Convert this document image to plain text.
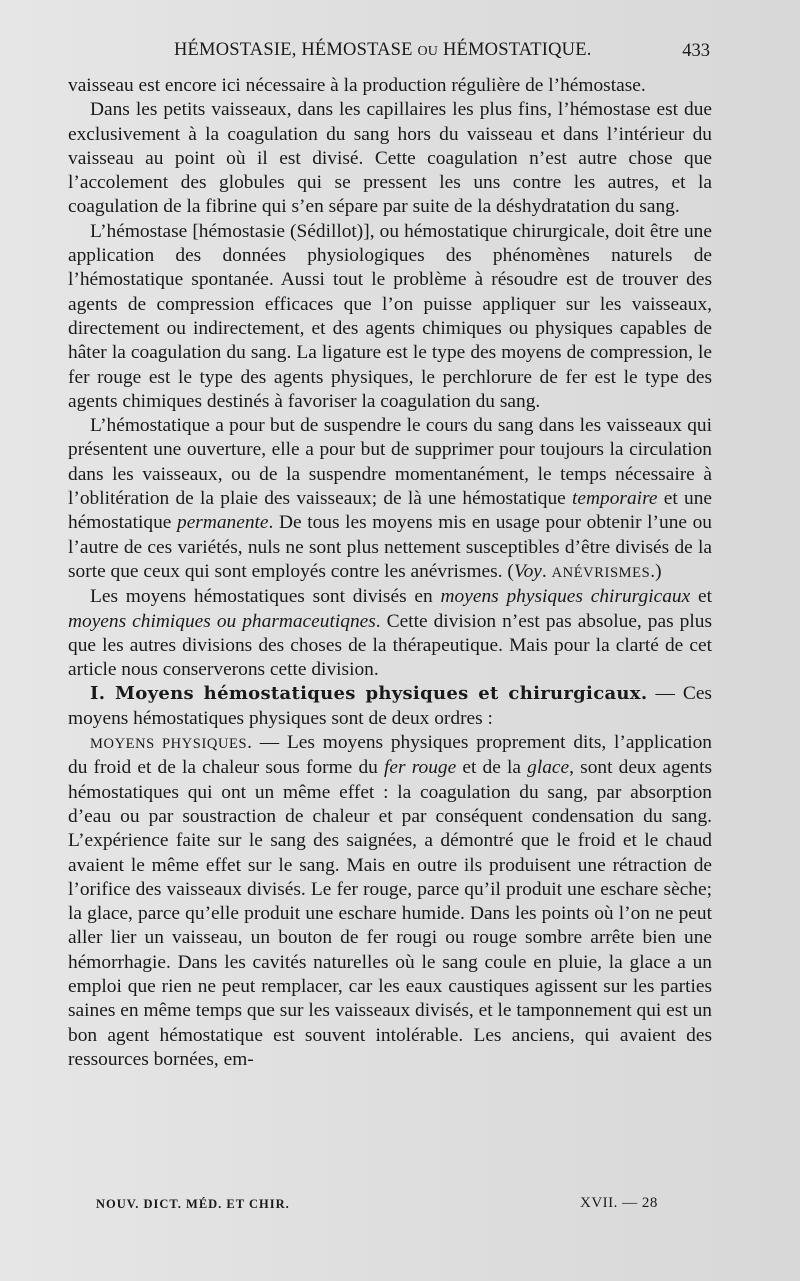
HÉMOSTASIE, HÉMOSTASE OU HÉMOSTATIQUE.	433

vaisseau est encore ici nécessaire à la production régulière de l’hémostase.

Dans les petits vaisseaux, dans les capillaires les plus fins, l’hémostase est due exclusivement à la coagulation du sang hors du vaisseau et dans l’intérieur du vaisseau au point où il est divisé. Cette coagulation n’est autre chose que l’accolement des globules qui se pressent les uns contre les autres, et la coagulation de la fibrine qui s’en sépare par suite de la déshydratation du sang.

L’hémostase [hémostasie (Sédillot)], ou hémostatique chirurgicale, doit être une application des données physiologiques des phénomènes naturels de l’hémostatique spontanée. Aussi tout le problème à résoudre est de trouver des agents de compression efficaces que l’on puisse appliquer sur les vaisseaux, directement ou indirectement, et des agents chimiques ou physiques capables de hâter la coagulation du sang. La ligature est le type des moyens de compression, le fer rouge est le type des agents physiques, le perchlorure de fer est le type des agents chimiques destinés à favoriser la coagulation du sang.

L’hémostatique a pour but de suspendre le cours du sang dans les vaisseaux qui présentent une ouverture, elle a pour but de supprimer pour toujours la circulation dans les vaisseaux, ou de la suspendre momentanément, le temps nécessaire à l’oblitération de la plaie des vaisseaux; de là une hémostatique temporaire et une hémostatique permanente. De tous les moyens mis en usage pour obtenir l’une ou l’autre de ces variétés, nuls ne sont plus nettement susceptibles d’être divisés de la sorte que ceux qui sont employés contre les anévrismes. (Voy. ANÉVRISMES.)

Les moyens hémostatiques sont divisés en moyens physiques chirurgicaux et moyens chimiques ou pharmaceutiqnes. Cette division n’est pas absolue, pas plus que les autres divisions des choses de la thérapeutique. Mais pour la clarté de cet article nous conserverons cette division.

I. Moyens hémostatiques physiques et chirurgicaux. — Ces moyens hémostatiques physiques sont de deux ordres :

MOYENS PHYSIQUES. — Les moyens physiques proprement dits, l’application du froid et de la chaleur sous forme du fer rouge et de la glace, sont deux agents hémostatiques qui ont un même effet : la coagulation du sang, par absorption d’eau ou par soustraction de chaleur et par conséquent condensation du sang. L’expérience faite sur le sang des saignées, a démontré que le froid et le chaud avaient le même effet sur le sang. Mais en outre ils produisent une rétraction de l’orifice des vaisseaux divisés. Le fer rouge, parce qu’il produit une eschare sèche; la glace, parce qu’elle produit une eschare humide. Dans les points où l’on ne peut aller lier un vaisseau, un bouton de fer rougi ou rouge sombre arrête bien une hémorrhagie. Dans les cavités naturelles où le sang coule en pluie, la glace a un emploi que rien ne peut remplacer, car les eaux caustiques agissent sur les parties saines en même temps que sur les vaisseaux divisés, et le tamponnement qui est un bon agent hémostatique est souvent intolérable. Les anciens, qui avaient des ressources bornées, em-

NOUV. DICT. MÉD. ET CHIR.	XVII. — 28
